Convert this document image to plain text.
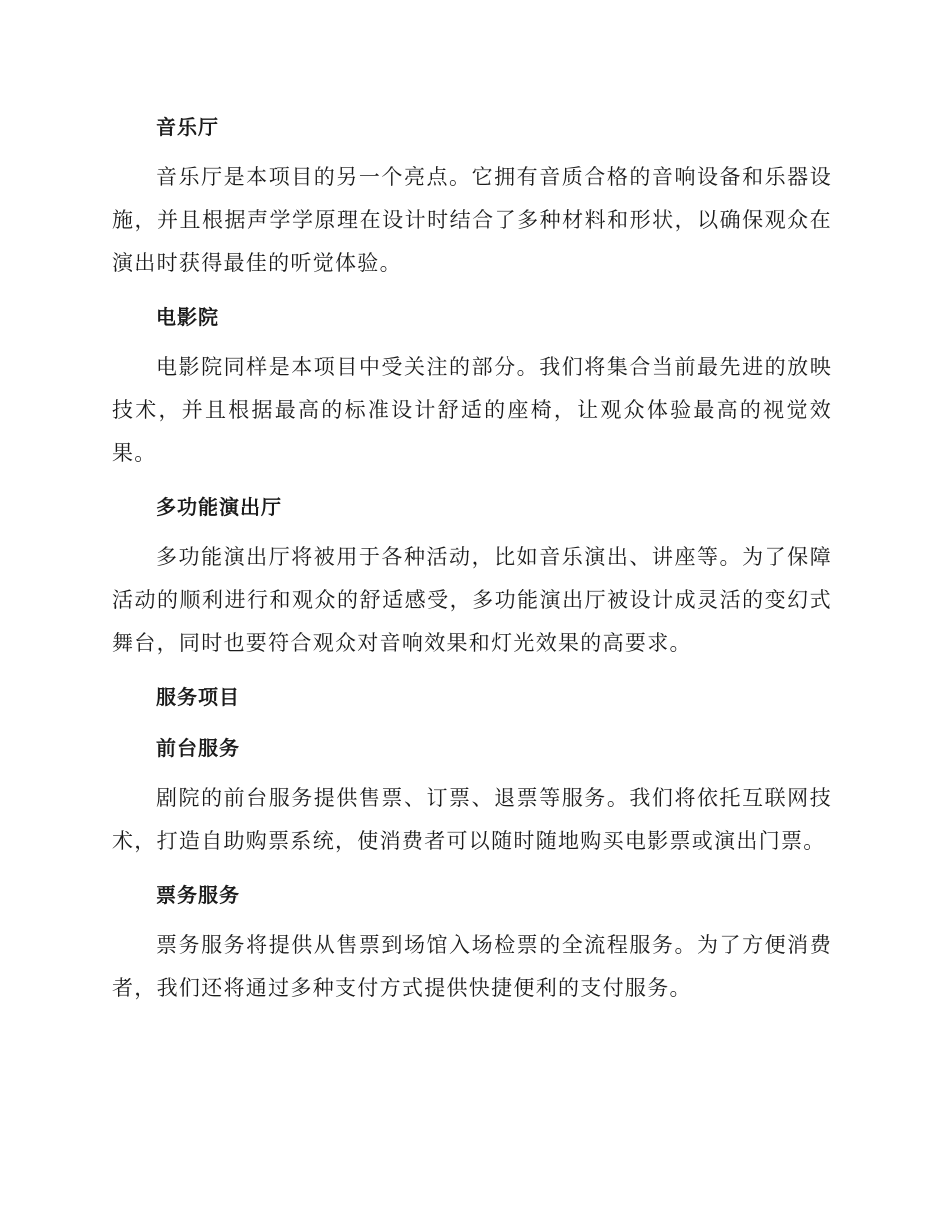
音乐厅

音乐厅是本项目的另一个亮点。它拥有音质合格的音响设备和乐器设施，并且根据声学学原理在设计时结合了多种材料和形状，以确保观众在演出时获得最佳的听觉体验。

电影院

电影院同样是本项目中受关注的部分。我们将集合当前最先进的放映技术，并且根据最高的标准设计舒适的座椅，让观众体验最高的视觉效果。

多功能演出厅

多功能演出厅将被用于各种活动，比如音乐演出、讲座等。为了保障活动的顺利进行和观众的舒适感受，多功能演出厅被设计成灵活的变幻式舞台，同时也要符合观众对音响效果和灯光效果的高要求。

服务项目
前台服务

剧院的前台服务提供售票、订票、退票等服务。我们将依托互联网技术，打造自助购票系统，使消费者可以随时随地购买电影票或演出门票。

票务服务

票务服务将提供从售票到场馆入场检票的全流程服务。为了方便消费者，我们还将通过多种支付方式提供快捷便利的支付服务。
